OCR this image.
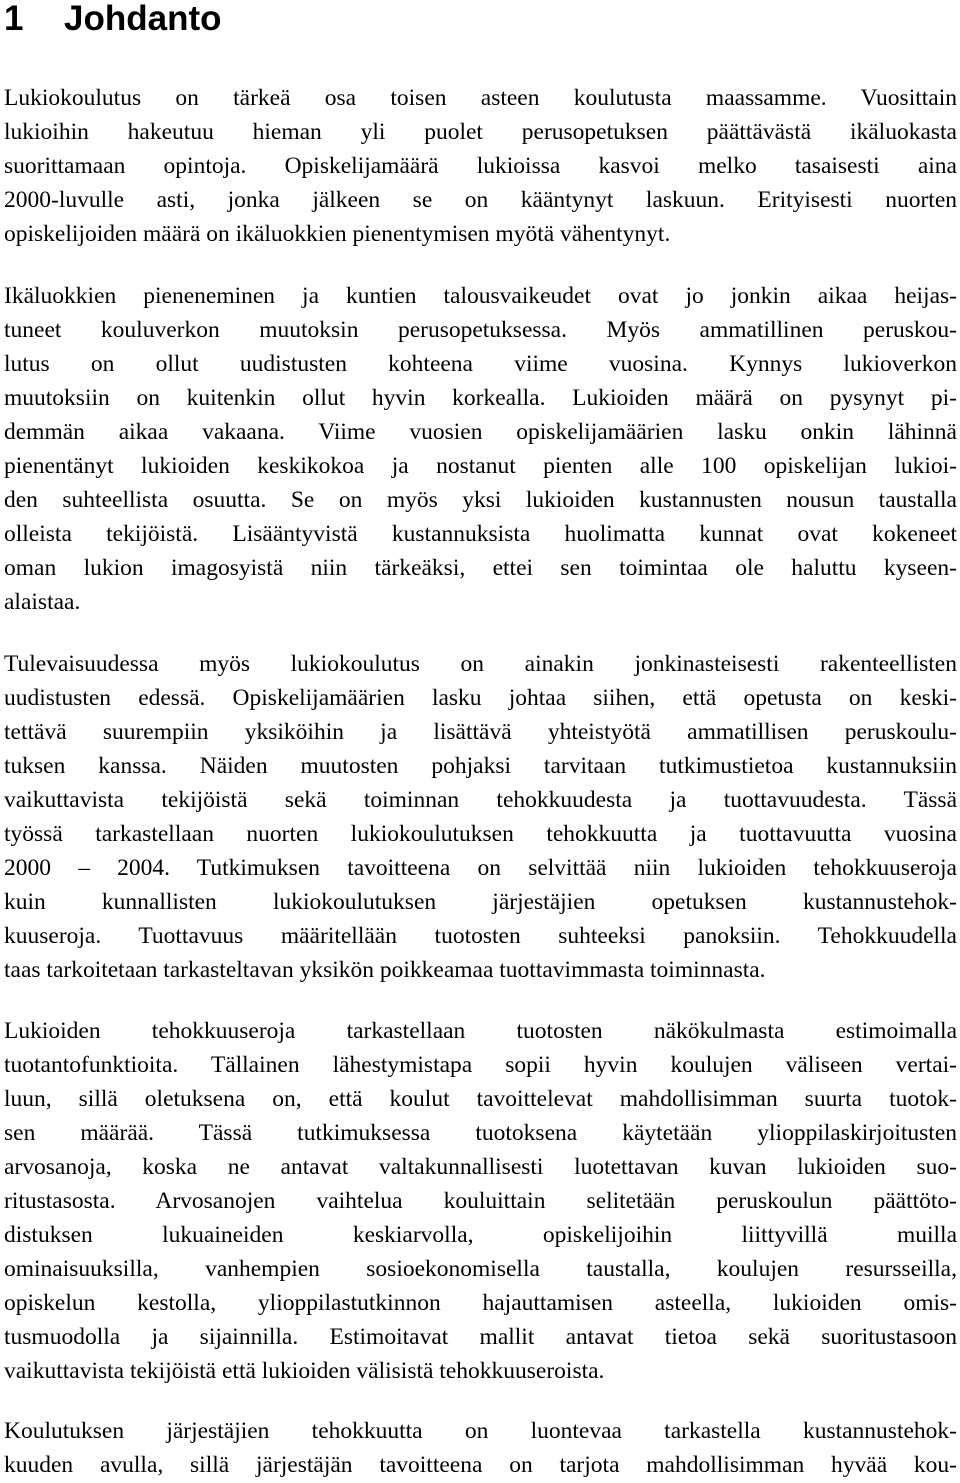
1 Johdanto

Lukiokoulutus on tärkeä osa toisen asteen koulutusta maassamme. Vuosittain

lukioihin hakeutuu hieman yli puolet perusopetuksen päättävästä ikäluokasta

suorittamaan opintoja. Opiskelijamäärä lukioissa kasvoi melko tasaisesti aina

2000-luvulle asti, jonka jälkeen se on kääntynyt laskuun. Erityisesti nuorten

opiskelijoiden määrä on ikäluokkien pienentymisen myötä vähentynyt.

Ikäluokkien pieneneminen ja kuntien talousvaikeudet ovat jo jonkin aikaa heijas-

tuneet kouluverkon muutoksin perusopetuksessa. Myös ammatillinen peruskou-

lutus on ollut uudistusten kohteena viime vuosina. Kynnys lukioverkon

muutoksiin on kuitenkin ollut hyvin korkealla. Lukioiden määrä on pysynyt pi-

demmän aikaa vakaana. Viime vuosien opiskelijamäärien lasku onkin lähinnä

pienentänyt lukioiden keskikokoa ja nostanut pienten alle 100 opiskelijan lukioi-

den suhteellista osuutta. Se on myös yksi lukioiden kustannusten nousun taustalla

olleista tekijöistä. Lisääntyvistä kustannuksista huolimatta kunnat ovat kokeneet

oman lukion imagosyistä niin tärkeäksi, ettei sen toimintaa ole haluttu kyseen-

alaistaa.

Tulevaisuudessa myös lukiokoulutus on ainakin jonkinasteisesti rakenteellisten

uudistusten edessä. Opiskelijamäärien lasku johtaa siihen, että opetusta on keski-

tettävä suurempiin yksiköihin ja lisättävä yhteistyötä ammatillisen peruskoulu-

tuksen kanssa. Näiden muutosten pohjaksi tarvitaan tutkimustietoa kustannuksiin

vaikuttavista tekijöistä sekä toiminnan tehokkuudesta ja tuottavuudesta. Tässä

työssä tarkastellaan nuorten lukiokoulutuksen tehokkuutta ja tuottavuutta vuosina

2000 – 2004. Tutkimuksen tavoitteena on selvittää niin lukioiden tehokkuuseroja

kuin kunnallisten lukiokoulutuksen järjestäjien opetuksen kustannustehok-

kuuseroja. Tuottavuus määritellään tuotosten suhteeksi panoksiin. Tehokkuudella

taas tarkoitetaan tarkasteltavan yksikön poikkeamaa tuottavimmasta toiminnasta.

Lukioiden tehokkuuseroja tarkastellaan tuotosten näkökulmasta estimoimalla

tuotantofunktioita. Tällainen lähestymistapa sopii hyvin koulujen väliseen vertai-

luun, sillä oletuksena on, että koulut tavoittelevat mahdollisimman suurta tuotok-

sen määrää. Tässä tutkimuksessa tuotoksena käytetään ylioppilaskirjoitusten

arvosanoja, koska ne antavat valtakunnallisesti luotettavan kuvan lukioiden suo-

ritustasosta. Arvosanojen vaihtelua kouluittain selitetään peruskoulun päättöto-

distuksen lukuaineiden keskiarvolla, opiskelijoihin liittyvillä muilla

ominaisuuksilla, vanhempien sosioekonomisella taustalla, koulujen resursseilla,

opiskelun kestolla, ylioppilastutkinnon hajauttamisen asteella, lukioiden omis-

tusmuodolla ja sijainnilla. Estimoitavat mallit antavat tietoa sekä suoritustasoon

vaikuttavista tekijöistä että lukioiden välisistä tehokkuuseroista.

Koulutuksen järjestäjien tehokkuutta on luontevaa tarkastella kustannustehok-

kuuden avulla, sillä järjestäjän tavoitteena on tarjota mahdollisimman hyvää kou-
